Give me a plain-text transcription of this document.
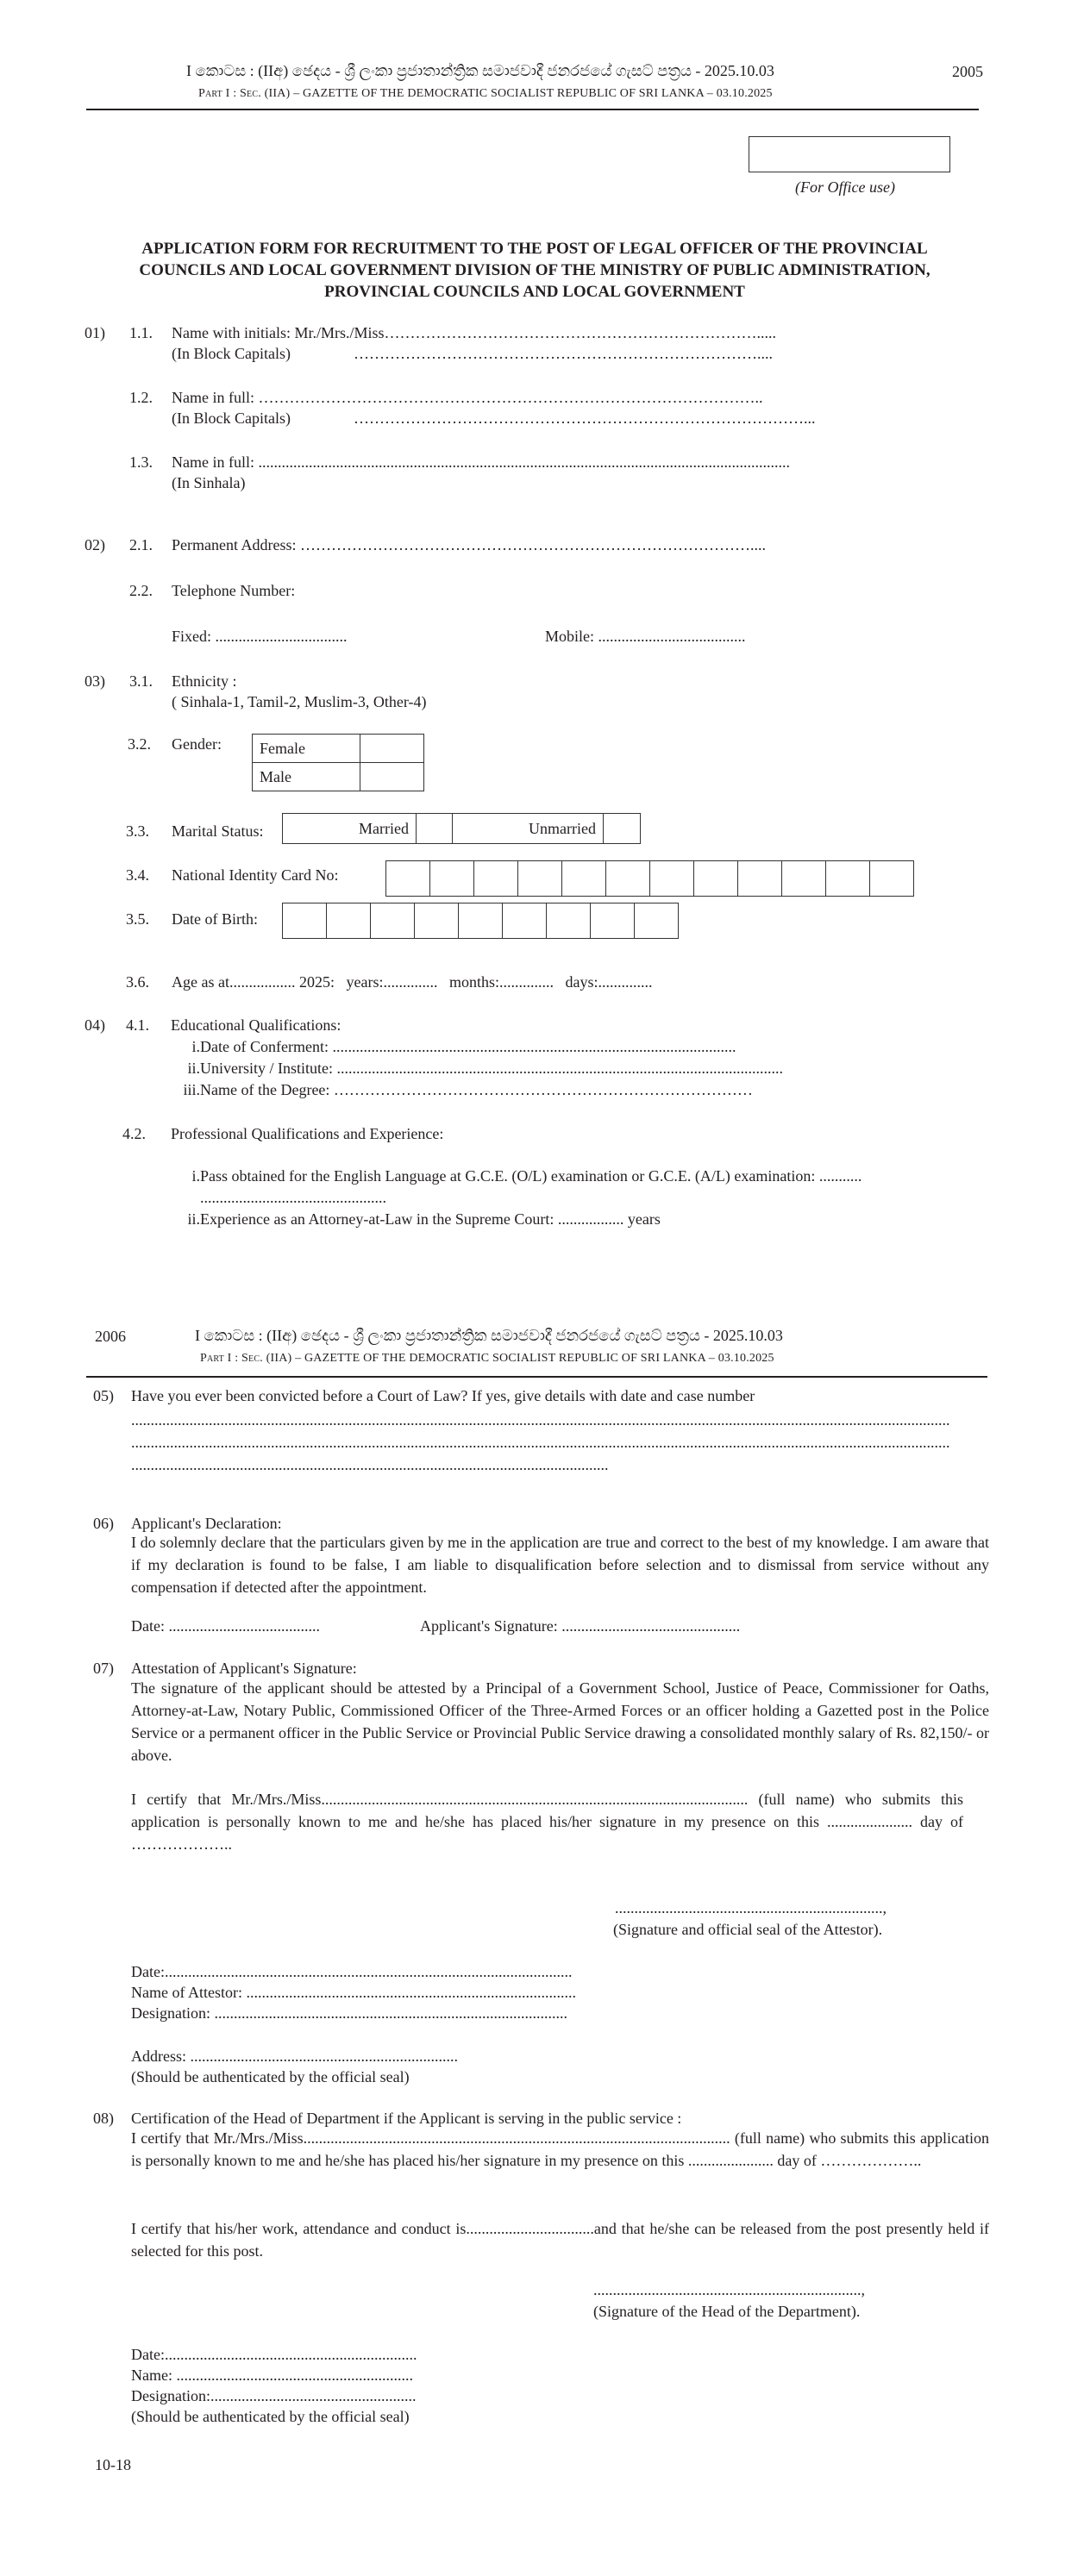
I කොටස : (IIඅ) ඡෙදය - ශ්‍රී ලංකා ප්‍රජාතාන්ත්‍රික සමාජවාදී ජනරජයේ ගැසට් පත්‍රය - 2025.10.03	2005
Part I : Sec. (IIA) – GAZETTE OF THE DEMOCRATIC SOCIALIST REPUBLIC OF SRI LANKA – 03.10.2025
(For Office use)
APPLICATION FORM FOR RECRUITMENT TO THE POST OF LEGAL OFFICER OF THE PROVINCIAL
COUNCILS AND LOCAL GOVERNMENT DIVISION OF THE MINISTRY OF PUBLIC ADMINISTRATION,
PROVINCIAL COUNCILS AND LOCAL GOVERNMENT
01) 1.1. Name with initials: Mr./Mrs./Miss……………………………………………………………….....
(In Block Capitals)	……………………………………………………………………....
1.2. Name in full: ……………………………………………………………………………………..
(In Block Capitals)	……………………………………………………………………………...
1.3. Name in full: .........................................................................................................................................
(In Sinhala)
02) 2.1. Permanent Address: ……………………………………………………………………………....
2.2. Telephone Number:
Fixed: ..................................	Mobile: ......................................
03) 3.1. Ethnicity :
( Sinhala-1, Tamil-2, Muslim-3, Other-4)
3.2. Gender: Female	
Male	
3.3. Marital Status:	Married		Unmarried	
3.4. National Identity Card No:

3.5. Date of Birth:

3.6. Age as at................. 2025:   years:..............   months:..............   days:..............
04) 4.1. Educational Qualifications:
i. Date of Conferment: ........................................................................................................
ii. University / Institute: ...................................................................................................................
iii. Name of the Degree: ………………………………………………………………………
4.2. Professional Qualifications and Experience:
i. Pass obtained for the English Language at G.C.E. (O/L) examination or G.C.E. (A/L) examination: ...........
................................................
ii. Experience as an Attorney-at-Law in the Supreme Court: ................. years
2006	I කොටස : (IIඅ) ඡෙදය - ශ්‍රී ලංකා ප්‍රජාතාන්ත්‍රික සමාජවාදී ජනරජයේ ගැසට් පත්‍රය - 2025.10.03
Part I : Sec. (IIA) – GAZETTE OF THE DEMOCRATIC SOCIALIST REPUBLIC OF SRI LANKA – 03.10.2025
05) Have you ever been convicted before a Court of Law? If yes, give details with date and case number
...................................................................................................................................................................................................................
...................................................................................................................................................................................................................
...........................................................................................................................
06) Applicant's Declaration:
I do solemnly declare that the particulars given by me in the application are true and correct to the best of my knowledge. I am aware that if my declaration is found to be false, I am liable to disqualification before selection and to dismissal from service without any compensation if detected after the appointment.
Date: .......................................	Applicant's Signature: ..............................................
07) Attestation of Applicant's Signature:
The signature of the applicant should be attested by a Principal of a Government School, Justice of Peace, Commissioner for Oaths, Attorney-at-Law, Notary Public, Commissioned Officer of the Three-Armed Forces or an officer holding a Gazetted post in the Police Service or a permanent officer in the Public Service or Provincial Public Service drawing a consolidated monthly salary of Rs. 82,150/- or above.
I certify that Mr./Mrs./Miss.............................................................................................................. (full name) who submits this application is personally known to me and he/she has placed his/her signature in my presence on this ...................... day of ………………..
.....................................................................,
(Signature and official seal of the Attestor).
Date:.........................................................................................................
Name of Attestor: .....................................................................................
Designation: ...........................................................................................
Address: .....................................................................
(Should be authenticated by the official seal)
08) Certification of the Head of Department if the Applicant is serving in the public service :
I certify that Mr./Mrs./Miss.............................................................................................................. (full name) who submits this application is personally known to me and he/she has placed his/her signature in my presence on this ...................... day of ………………..
I certify that his/her work, attendance and conduct is.................................and that he/she can be released from the post presently held if selected for this post.
.....................................................................,
(Signature of the Head of the Department).
Date:.................................................................
Name: .............................................................
Designation:.....................................................
(Should be authenticated by the official seal)
10-18
